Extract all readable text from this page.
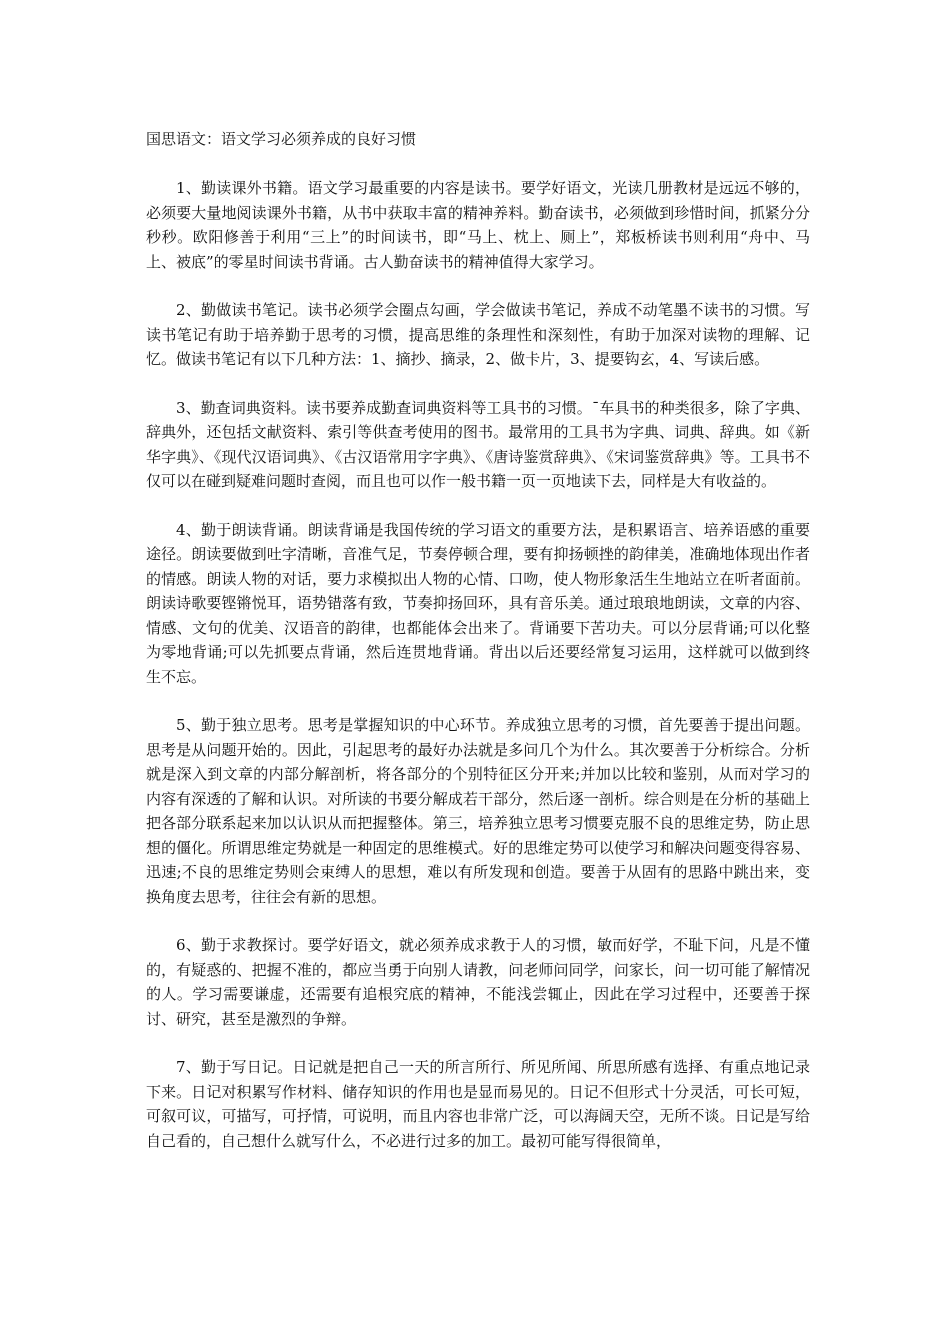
国思语文：语文学习必须养成的良好习惯

1、勤读课外书籍。语文学习最重要的内容是读书。要学好语文，光读几册教材是远远不够的，必须要大量地阅读课外书籍，从书中获取丰富的精神养料。勤奋读书，必须做到珍惜时间，抓紧分分秒秒。欧阳修善于利用“三上”的时间读书，即“马上、枕上、厕上”，郑板桥读书则利用“舟中、马上、被底”的零星时间读书背诵。古人勤奋读书的精神值得大家学习。

2、勤做读书笔记。读书必须学会圈点勾画，学会做读书笔记，养成不动笔墨不读书的习惯。写读书笔记有助于培养勤于思考的习惯，提高思维的条理性和深刻性，有助于加深对读物的理解、记忆。做读书笔记有以下几种方法：1、摘抄、摘录，2、做卡片，3、提要钩玄，4、写读后感。

3、勤查词典资料。读书要养成勤查词典资料等工具书的习惯。¯车具书的种类很多，除了字典、辞典外，还包括文献资料、索引等供查考使用的图书。最常用的工具书为字典、词典、辞典。如《新华字典》、《现代汉语词典》、《古汉语常用字字典》、《唐诗鉴赏辞典》、《宋词鉴赏辞典》等。工具书不仅可以在碰到疑难问题时查阅，而且也可以作一般书籍一页一页地读下去，同样是大有收益的。

4、勤于朗读背诵。朗读背诵是我国传统的学习语文的重要方法，是积累语言、培养语感的重要途径。朗读要做到吐字清晰，音准气足，节奏停顿合理，要有抑扬顿挫的韵律美，准确地体现出作者的情感。朗读人物的对话，要力求模拟出人物的心情、口吻，使人物形象活生生地站立在听者面前。朗读诗歌要铿锵悦耳，语势错落有致，节奏抑扬回环，具有音乐美。通过琅琅地朗读，文章的内容、情感、文句的优美、汉语音的韵律，也都能体会出来了。背诵要下苦功夫。可以分层背诵;可以化整为零地背诵;可以先抓要点背诵，然后连贯地背诵。背出以后还要经常复习运用，这样就可以做到终生不忘。

5、勤于独立思考。思考是掌握知识的中心环节。养成独立思考的习惯，首先要善于提出问题。思考是从问题开始的。因此，引起思考的最好办法就是多问几个为什么。其次要善于分析综合。分析就是深入到文章的内部分解剖析，将各部分的个别特征区分开来;并加以比较和鉴别，从而对学习的内容有深透的了解和认识。对所读的书要分解成若干部分，然后逐一剖析。综合则是在分析的基础上把各部分联系起来加以认识从而把握整体。第三，培养独立思考习惯要克服不良的思维定势，防止思想的僵化。所谓思维定势就是一种固定的思维模式。好的思维定势可以使学习和解决问题变得容易、迅速;不良的思维定势则会束缚人的思想，难以有所发现和创造。要善于从固有的思路中跳出来，变换角度去思考，往往会有新的思想。

6、勤于求教探讨。要学好语文，就必须养成求教于人的习惯，敏而好学，不耻下问，凡是不懂的，有疑惑的、把握不准的，都应当勇于向别人请教，问老师问同学，问家长，问一切可能了解情况的人。学习需要谦虚，还需要有追根究底的精神，不能浅尝辄止，因此在学习过程中，还要善于探讨、研究，甚至是激烈的争辩。

7、勤于写日记。日记就是把自己一天的所言所行、所见所闻、所思所感有选择、有重点地记录下来。日记对积累写作材料、储存知识的作用也是显而易见的。日记不但形式十分灵活，可长可短，可叙可议，可描写，可抒情，可说明，而且内容也非常广泛，可以海阔天空，无所不谈。日记是写给自己看的，自己想什么就写什么，不必进行过多的加工。最初可能写得很简单，
